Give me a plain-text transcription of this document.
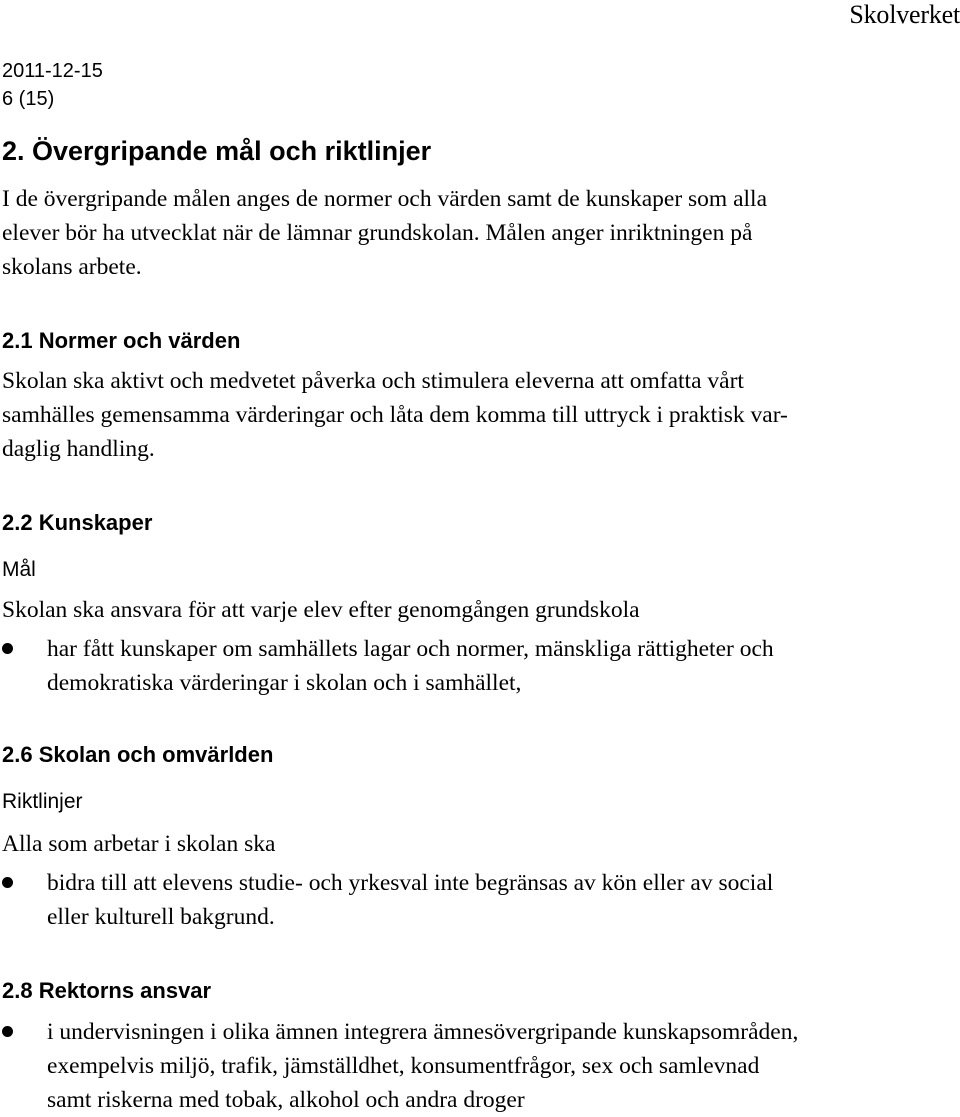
Skolverket
2011-12-15
6 (15)
2. Övergripande mål och riktlinjer
I de övergripande målen anges de normer och värden samt de kunskaper som alla
elever bör ha utvecklat när de lämnar grundskolan. Målen anger inriktningen på
skolans arbete.
2.1 Normer och värden
Skolan ska aktivt och medvetet påverka och stimulera eleverna att omfatta vårt
samhälles gemensamma värderingar och låta dem komma till uttryck i praktisk var-
daglig handling.
2.2 Kunskaper
Mål
Skolan ska ansvara för att varje elev efter genomgången grundskola
har fått kunskaper om samhällets lagar och normer, mänskliga rättigheter och
demokratiska värderingar i skolan och i samhället,
2.6 Skolan och omvärlden
Riktlinjer
Alla som arbetar i skolan ska
bidra till att elevens studie- och yrkesval inte begränsas av kön eller av social
eller kulturell bakgrund.
2.8 Rektorns ansvar
i undervisningen i olika ämnen integrera ämnesövergripande kunskapsområden,
exempelvis miljö, trafik, jämställdhet, konsumentfrågor, sex och samlevnad
samt riskerna med tobak, alkohol och andra droger
